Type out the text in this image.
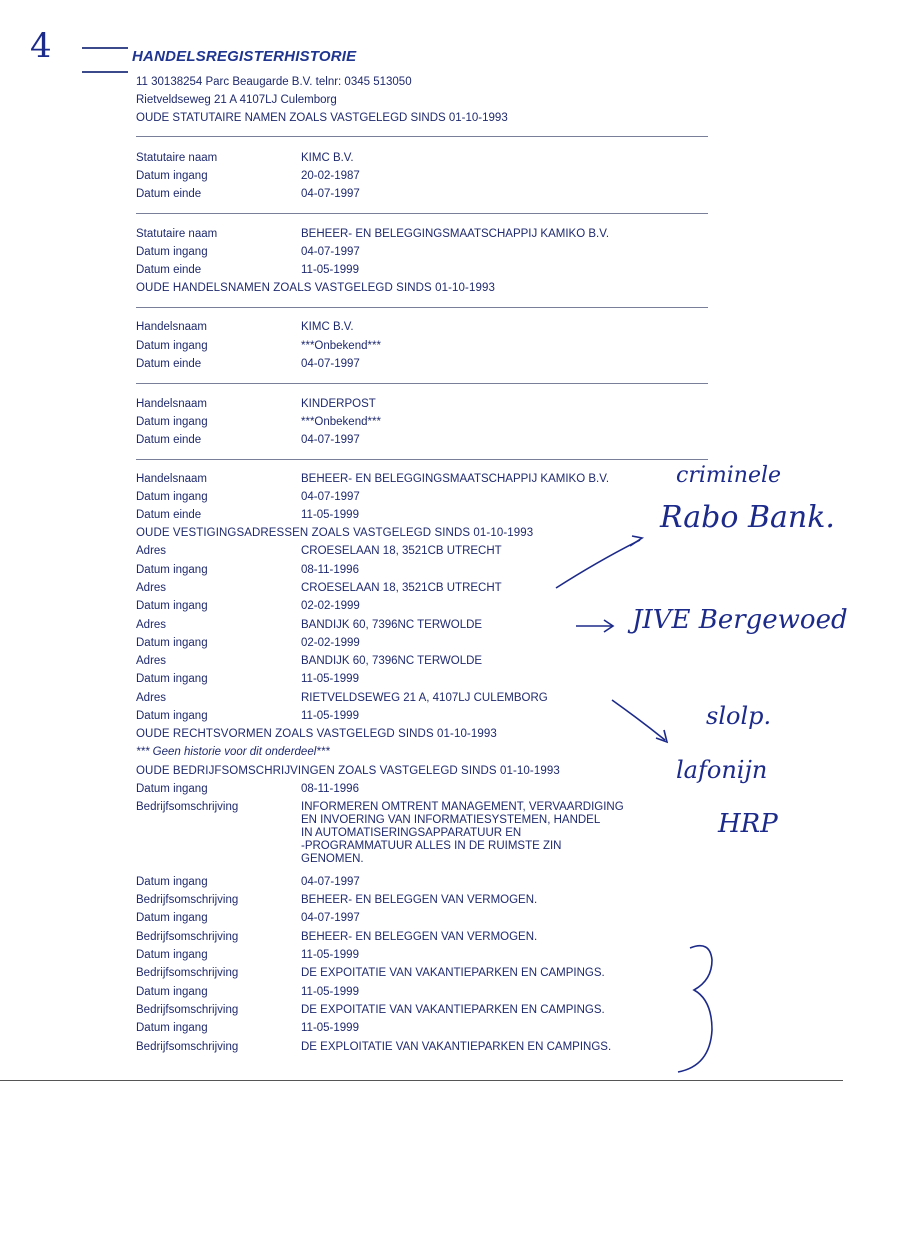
4	HANDELSREGISTERHISTORIE
11 30138254 Parc Beaugarde B.V. telnr: 0345 513050
Rietveldseweg 21 A 4107LJ Culemborg
OUDE STATUTAIRE NAMEN ZOALS VASTGELEGD SINDS 01-10-1993
Statutaire naam	KIMC B.V.
Datum ingang	20-02-1987
Datum einde	04-07-1997
Statutaire naam	BEHEER- EN BELEGGINGSMAATSCHAPPIJ KAMIKO B.V.
Datum ingang	04-07-1997
Datum einde	11-05-1999
OUDE HANDELSNAMEN ZOALS VASTGELEGD SINDS 01-10-1993
Handelsnaam	KIMC B.V.
Datum ingang	***Onbekend***
Datum einde	04-07-1997
Handelsnaam	KINDERPOST
Datum ingang	***Onbekend***
Datum einde	04-07-1997
Handelsnaam	BEHEER- EN BELEGGINGSMAATSCHAPPIJ KAMIKO B.V.
Datum ingang	04-07-1997
Datum einde	11-05-1999
OUDE VESTIGINGSADRESSEN ZOALS VASTGELEGD SINDS 01-10-1993
Adres	CROESELAAN 18, 3521CB UTRECHT
Datum ingang	08-11-1996
Adres	CROESELAAN 18, 3521CB UTRECHT
Datum ingang	02-02-1999
Adres	BANDIJK 60, 7396NC TERWOLDE
Datum ingang	02-02-1999
Adres	BANDIJK 60, 7396NC TERWOLDE
Datum ingang	11-05-1999
Adres	RIETVELDSEWEG 21 A, 4107LJ CULEMBORG
Datum ingang	11-05-1999
OUDE RECHTSVORMEN ZOALS VASTGELEGD SINDS 01-10-1993
*** Geen historie voor dit onderdeel***
OUDE BEDRIJFSOMSCHRIJVINGEN ZOALS VASTGELEGD SINDS 01-10-1993
Datum ingang	08-11-1996
Bedrijfsomschrijving	INFORMEREN OMTRENT MANAGEMENT, VERVAARDIGING
EN INVOERING VAN INFORMATIESYSTEMEN, HANDEL
IN AUTOMATISERINGSAPPARATUUR EN
-PROGRAMMATUUR ALLES IN DE RUIMSTE ZIN
GENOMEN.
Datum ingang	04-07-1997
Bedrijfsomschrijving	BEHEER- EN BELEGGEN VAN VERMOGEN.
Datum ingang	04-07-1997
Bedrijfsomschrijving	BEHEER- EN BELEGGEN VAN VERMOGEN.
Datum ingang	11-05-1999
Bedrijfsomschrijving	DE EXPOITATIE VAN VAKANTIEPARKEN EN CAMPINGS.
Datum ingang	11-05-1999
Bedrijfsomschrijving	DE EXPOITATIE VAN VAKANTIEPARKEN EN CAMPINGS.
Datum ingang	11-05-1999
Bedrijfsomschrijving	DE EXPLOITATIE VAN VAKANTIEPARKEN EN CAMPINGS.
criminele
Rabo Bank.
JIVE Bergewoed
slolp.
lafonijn
HRP
